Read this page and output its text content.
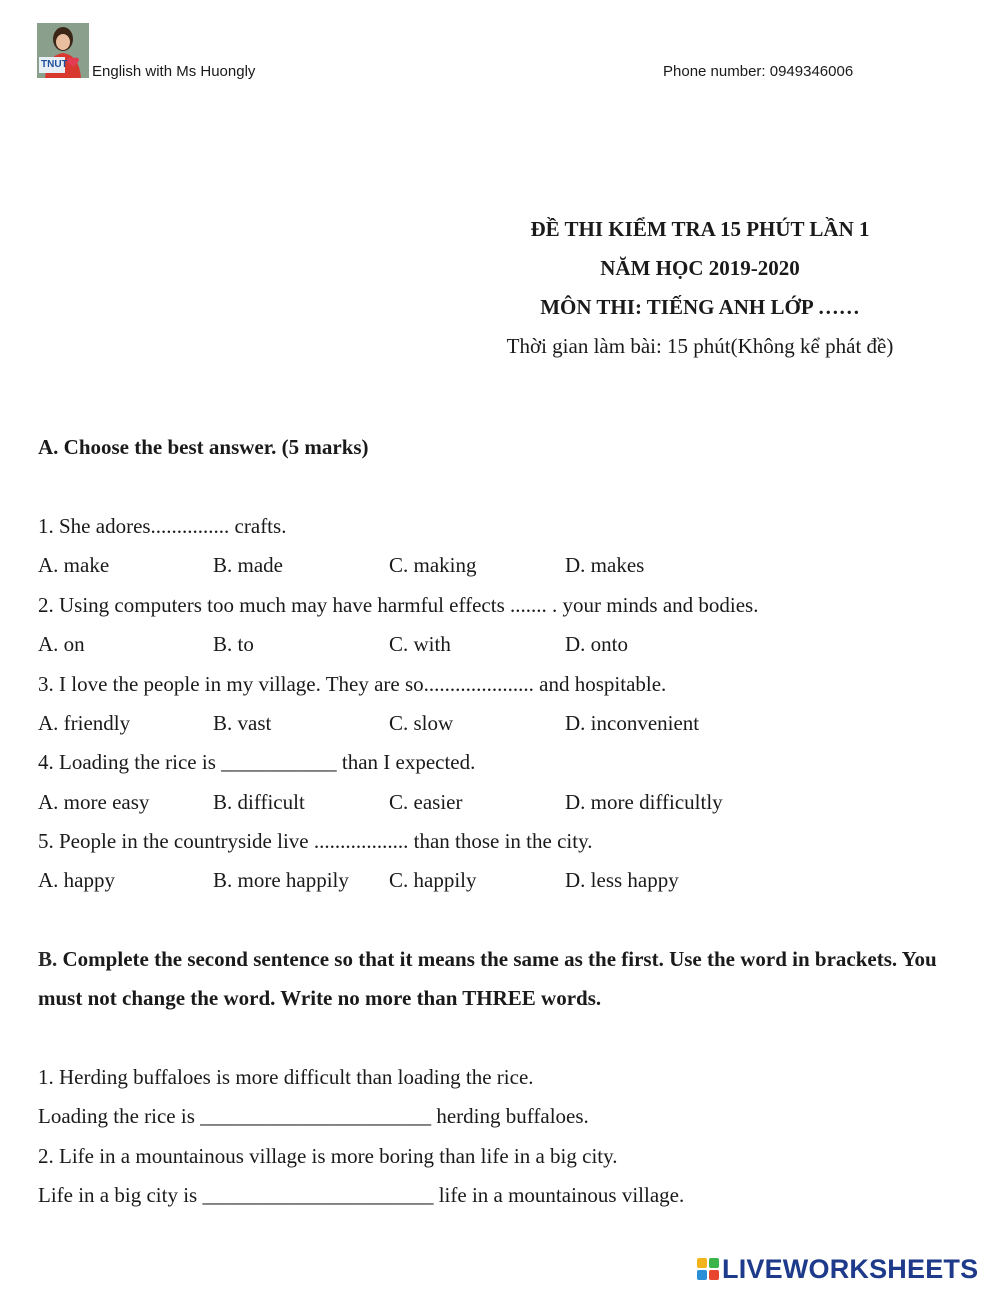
TNUT English with Ms Huongly	Phone number: 0949346006
ĐỀ THI KIỂM TRA 15 PHÚT LẦN 1
NĂM HỌC 2019-2020
MÔN THI: TIẾNG ANH LỚP ……
Thời gian làm bài: 15 phút(Không kể phát đề)
A. Choose the best answer. (5 marks)
1. She adores............... crafts.
A. make	B. made	C. making	D. makes
2. Using computers too much may have harmful effects ....... . your minds and bodies.
A. on	B. to	C. with	D. onto
3. I love the people in my village. They are so..................... and hospitable.
A. friendly	B. vast	C. slow	D. inconvenient
4. Loading the rice is ___________ than I expected.
A. more easy	B. difficult	C. easier	D. more difficultly
5. People in the countryside live .................. than those in the city.
A. happy	B. more happily C. happily	D. less happy
B. Complete the second sentence so that it means the same as the first. Use the word in brackets. You must not change the word. Write no more than THREE words.
1. Herding buffaloes is more difficult than loading the rice.
Loading the rice is ______________________ herding buffaloes.
2. Life in a mountainous village is more boring than life in a big city.
Life in a big city is ______________________ life in a mountainous village.
LIVEWORKSHEETS
